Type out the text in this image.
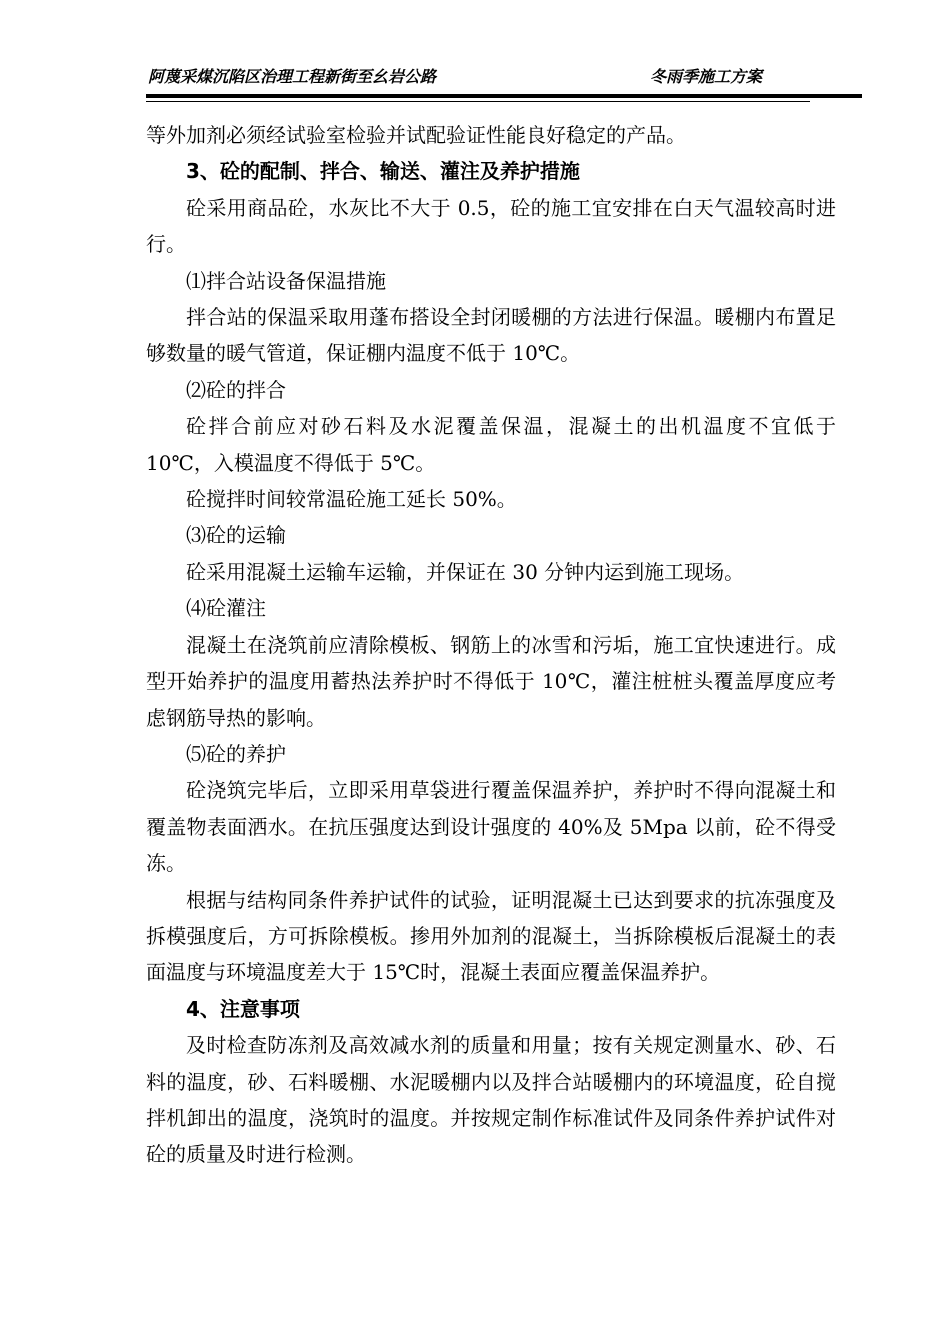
阿蔑采煤沉陷区治理工程新街至幺岩公路	冬雨季施工方案

等外加剂必须经试验室检验并试配验证性能良好稳定的产品。

3、砼的配制、拌合、输送、灌注及养护措施

砼采用商品砼，水灰比不大于 0.5，砼的施工宜安排在白天气温较高时进行。

⑴拌合站设备保温措施

拌合站的保温采取用蓬布搭设全封闭暖棚的方法进行保温。暖棚内布置足够数量的暖气管道，保证棚内温度不低于 10℃。

⑵砼的拌合

砼拌合前应对砂石料及水泥覆盖保温，混凝土的出机温度不宜低于 10℃，入模温度不得低于 5℃。

砼搅拌时间较常温砼施工延长 50%。

⑶砼的运输

砼采用混凝土运输车运输，并保证在 30 分钟内运到施工现场。

⑷砼灌注

混凝土在浇筑前应清除模板、钢筋上的冰雪和污垢，施工宜快速进行。成型开始养护的温度用蓄热法养护时不得低于 10℃，灌注桩桩头覆盖厚度应考虑钢筋导热的影响。

⑸砼的养护

砼浇筑完毕后，立即采用草袋进行覆盖保温养护，养护时不得向混凝土和覆盖物表面洒水。在抗压强度达到设计强度的 40%及 5Mpa 以前，砼不得受冻。

根据与结构同条件养护试件的试验，证明混凝土已达到要求的抗冻强度及拆模强度后，方可拆除模板。掺用外加剂的混凝土，当拆除模板后混凝土的表面温度与环境温度差大于 15℃时，混凝土表面应覆盖保温养护。

4、注意事项

及时检查防冻剂及高效减水剂的质量和用量；按有关规定测量水、砂、石料的温度，砂、石料暖棚、水泥暖棚内以及拌合站暖棚内的环境温度，砼自搅拌机卸出的温度，浇筑时的温度。并按规定制作标准试件及同条件养护试件对砼的质量及时进行检测。
